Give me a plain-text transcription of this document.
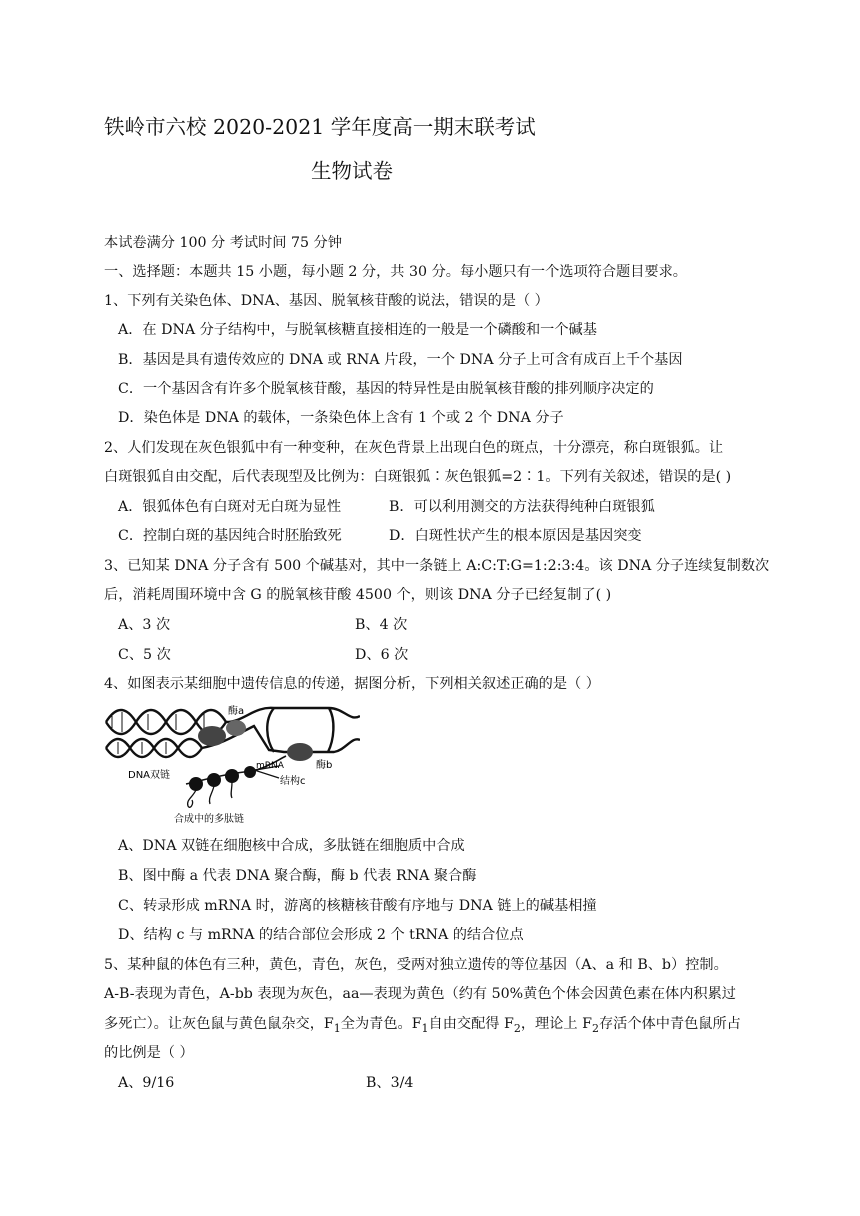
铁岭市六校 2020-2021 学年度高一期末联考试
生物试卷
本试卷满分 100 分 考试时间 75 分钟
一、选择题：本题共 15 小题，每小题 2 分，共 30 分。每小题只有一个选项符合题目要求。
1、下列有关染色体、DNA、基因、脱氧核苷酸的说法，错误的是（ ）
A．在 DNA 分子结构中，与脱氧核糖直接相连的一般是一个磷酸和一个碱基
B．基因是具有遗传效应的 DNA 或 RNA 片段，一个 DNA 分子上可含有成百上千个基因
C．一个基因含有许多个脱氧核苷酸，基因的特异性是由脱氧核苷酸的排列顺序决定的
D．染色体是 DNA 的载体，一条染色体上含有 1 个或 2 个 DNA 分子
2、人们发现在灰色银狐中有一种变种，在灰色背景上出现白色的斑点，十分漂亮，称白斑银狐。让
白斑银狐自由交配，后代表现型及比例为：白斑银狐∶灰色银狐=2∶1。下列有关叙述，错误的是( )
A．银狐体色有白斑对无白斑为显性	B．可以利用测交的方法获得纯种白斑银狐
C．控制白斑的基因纯合时胚胎致死	D．白斑性状产生的根本原因是基因突变
3、已知某 DNA 分子含有 500 个碱基对，其中一条链上 A:C:T:G=1:2:3:4。该 DNA 分子连续复制数次
后，消耗周围环境中含 G 的脱氧核苷酸 4500 个，则该 DNA 分子已经复制了( )
A、3 次	B、4 次
C、5 次	D、6 次
4、如图表示某细胞中遗传信息的传递，据图分析，下列相关叙述正确的是（ ）
酶a
酶b
mRNA
结构c
DNA双链
合成中的多肽链
A、DNA 双链在细胞核中合成，多肽链在细胞质中合成
B、图中酶 a 代表 DNA 聚合酶，酶 b 代表 RNA 聚合酶
C、转录形成 mRNA 时，游离的核糖核苷酸有序地与 DNA 链上的碱基相撞
D、结构 c 与 mRNA 的结合部位会形成 2 个 tRNA 的结合位点
5、某种鼠的体色有三种，黄色，青色，灰色，受两对独立遗传的等位基因（A、a 和 B、b）控制。
A-B-表现为青色，A-bb 表现为灰色，aa—表现为黄色（约有 50%黄色个体会因黄色素在体内积累过
多死亡）。让灰色鼠与黄色鼠杂交，$F_1$全为青色。$F_1$自由交配得 $F_2$，理论上 $F_2$存活个体中青色鼠所占
的比例是（ ）
A、9/16	B、3/4
